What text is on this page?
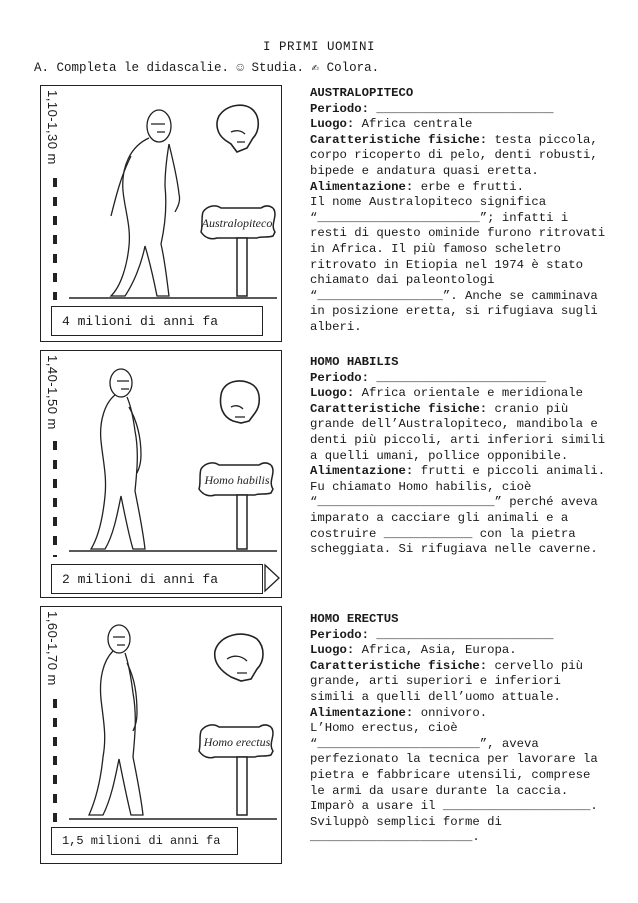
I PRIMI UOMINI
A. Completa le didascalie. ☺ Studia. ✍ Colora.
1,10-1,30 m
Australopiteco
4 milioni di anni fa
1,40-1,50 m
Homo habilis
2 milioni di anni fa
1,60-1,70 m
Homo erectus
1,5 milioni di anni fa

AUSTRALOPITECO

Periodo: ________________________

Luogo: Africa centrale

Caratteristiche fisiche: testa piccola, corpo ricoperto di pelo, denti robusti, bipede e andatura quasi eretta.

Alimentazione: erbe e frutti.

Il nome Australopiteco significa “______________________”; infatti i resti di questo ominide furono ritrovati in Africa. Il più famoso scheletro ritrovato in Etiopia nel 1974 è stato chiamato dai paleontologi “_________________”. Anche se camminava in posizione eretta, si rifugiava sugli alberi.

HOMO HABILIS

Periodo: _______________________

Luogo: Africa orientale e meridionale

Caratteristiche fisiche: cranio più grande dell’Australopiteco, mandibola e denti più piccoli, arti inferiori simili a quelli umani, pollice opponibile.

Alimentazione: frutti e piccoli animali.

Fu chiamato Homo habilis, cioè “________________________” perché aveva imparato a cacciare gli animali e a costruire ____________ con la pietra scheggiata. Si rifugiava nelle caverne.

HOMO ERECTUS

Periodo: ________________________

Luogo: Africa, Asia, Europa.

Caratteristiche fisiche: cervello più grande, arti superiori e inferiori simili a quelli dell’uomo attuale.

Alimentazione: onnivoro.

L’Homo erectus, cioè “______________________”, aveva perfezionato la tecnica per lavorare la pietra e fabbricare utensili, comprese le armi da usare durante la caccia. Imparò a usare il ____________________.
Sviluppò semplici forme di ______________________.
